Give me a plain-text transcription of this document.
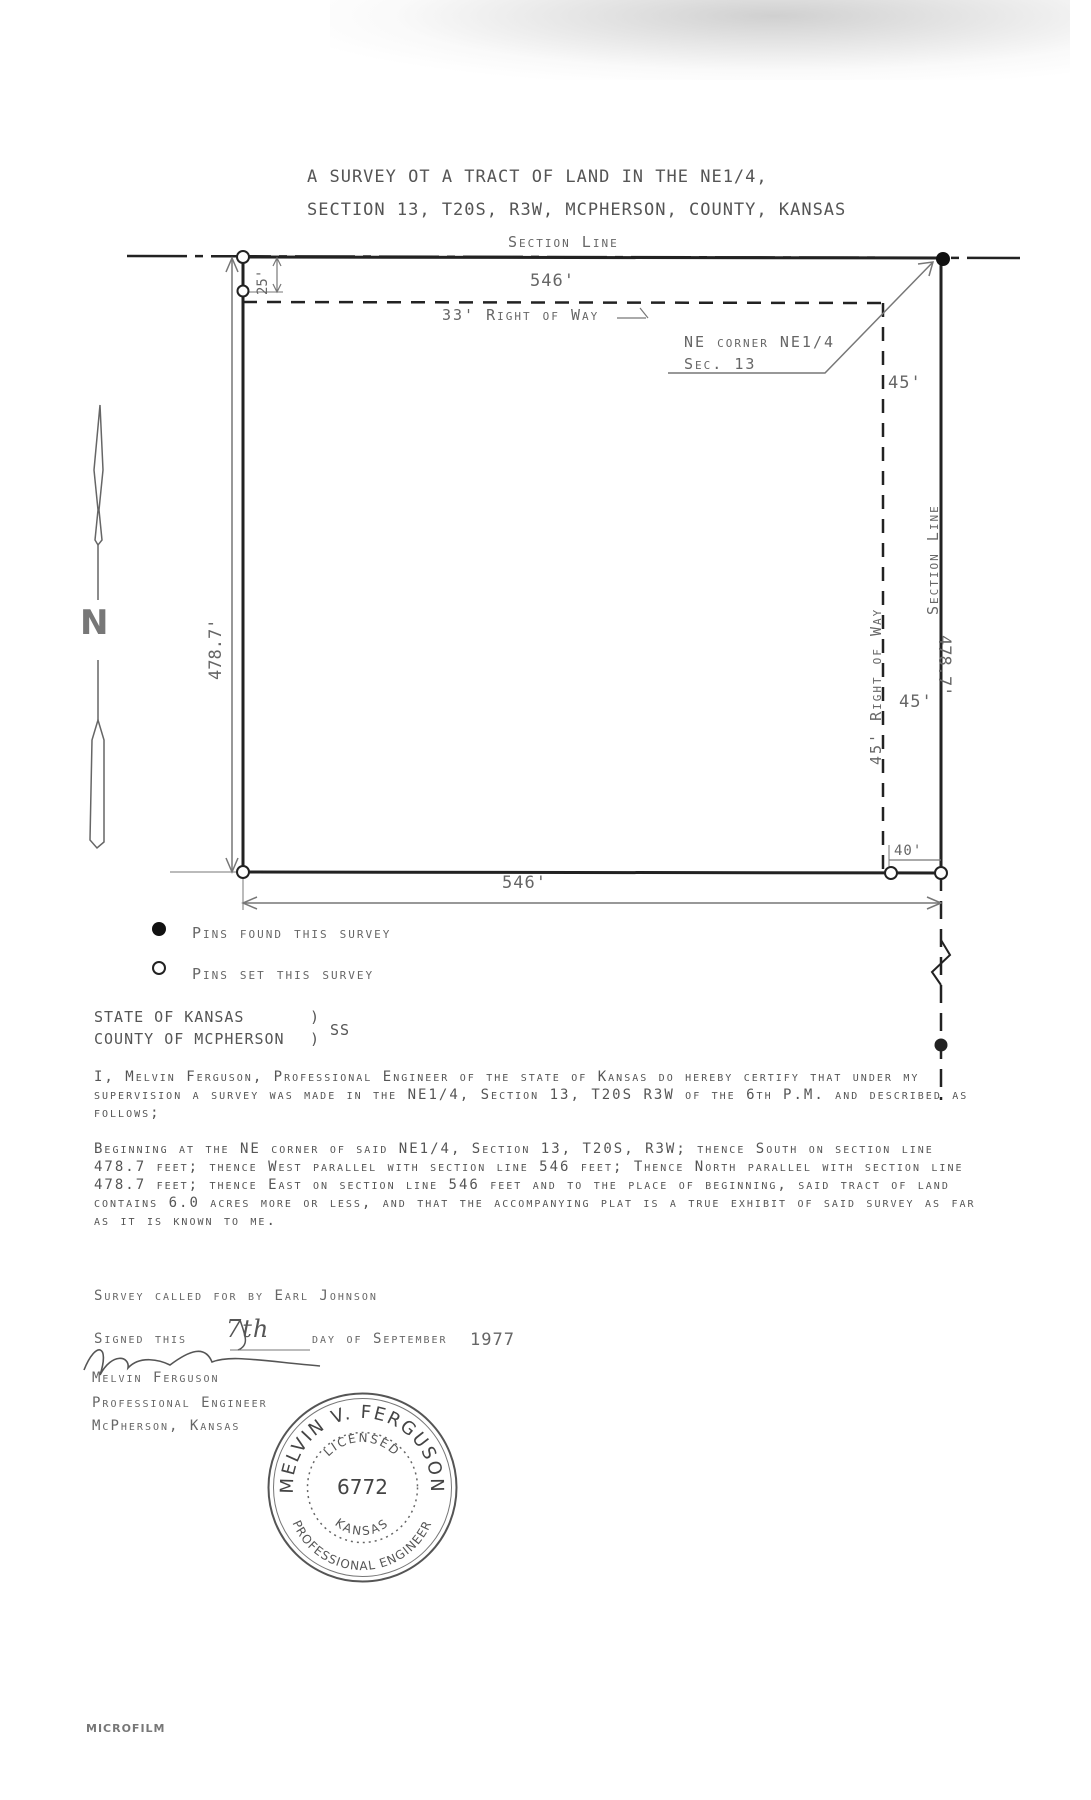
A SURVEY OT A TRACT OF LAND IN THE NE1/4,
SECTION 13, T20S, R3W, MCPHERSON, COUNTY, KANSAS
Section Line
546'
25'
33' Right of Way
NE corner NE1/4
Sec. 13
45'
45'
45' Right of Way
Section Line
478.7'
478.7'
546'
40'
N
Pins found this survey
Pins set this survey
STATE OF KANSAS
COUNTY OF MCPHERSON
)
) SS
I, Melvin Ferguson, Professional Engineer of the state of Kansas do hereby certify that under my supervision a survey was made in the NE1/4, Section 13, T20S R3W of the 6th P.M. and described as follows;
Beginning at the NE corner of said NE1/4, Section 13, T20S, R3W; thence South on section line 478.7 feet; thence West parallel with section line 546 feet; Thence North parallel with section line 478.7 feet; thence East on section line 546 feet and to the place of beginning, said tract of land contains 6.0 acres more or less, and that the accompanying plat is a true exhibit of said survey as far as it is known to me.
Survey called for by Earl Johnson
Signed this 7th	day of September 1977
Melvin Ferguson
Professional Engineer
McPherson, Kansas
MELVIN V. FERGUSON
PROFESSIONAL ENGINEER
LICENSED
KANSAS
6772
MICROFILM
